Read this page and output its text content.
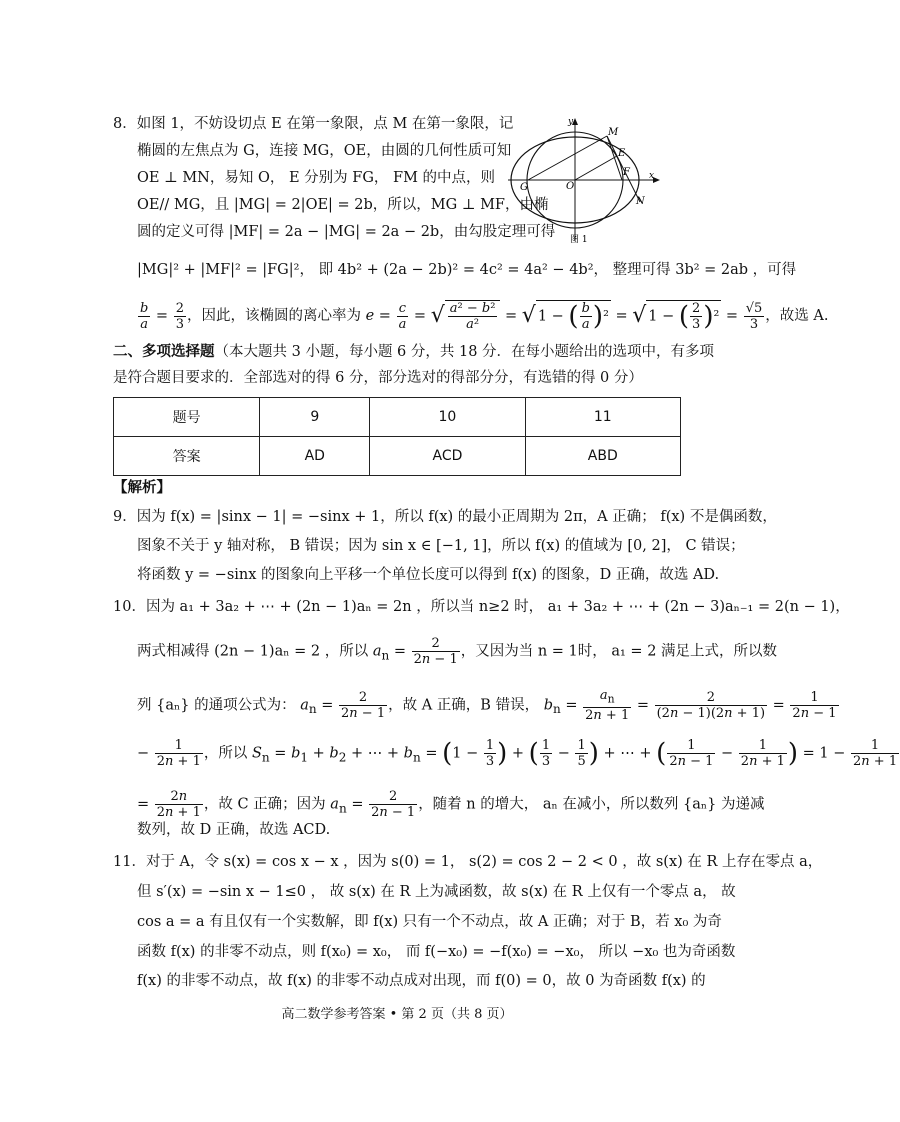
8．如图 1，不妨设切点 E 在第一象限，点 M 在第一象限，记
椭圆的左焦点为 G，连接 MG，OE，由圆的几何性质可知
OE ⊥ MN，易知 O， E 分别为 FG， FM 的中点，则
OE// MG，且 |MG| = 2|OE| = 2b，所以，MG ⊥ MF，由椭
圆的定义可得 |MF| = 2a − |MG| = 2a − 2b，由勾股定理可得
|MG|² + |MF|² = |FG|²， 即 4b² + (2a − 2b)² = 4c² = 4a² − 4b²， 整理可得 3b² = 2ab ，可得
$\frac{b}{a} = \frac{2}{3}$ ，因此，该椭圆的离心率为 $e = \frac{c}{a}$ = √ $\frac{\text{a² − b²}}{\text{a²}}$ = √ 1 − ( $\frac{b}{a} )^2$ = √ 1 − ( $\frac{2}{3} )^2 = \frac{√5}{3}$ ，故选 A.
y
x
M
E
G	O
F
N
图 1
二、多项选择题（本大题共 3 小题，每小题 6 分，共 18 分．在每小题给出的选项中，有多项
是符合题目要求的．全部选对的得 6 分，部分选对的得部分分，有选错的得 0 分）
题号	9	10	11
答案	AD	ACD	ABD
【解析】
9．因为 f(x) = |sinx − 1| = −sinx + 1，所以 f(x) 的最小正周期为 2π，A 正确； f(x) 不是偶函数，
图象不关于 y 轴对称， B 错误；因为 sin x ∈ [−1, 1]，所以 f(x) 的值域为 [0, 2]， C 错误；
将函数 y = −sinx 的图象向上平移一个单位长度可以得到 f(x) 的图象，D 正确，故选 AD.
10．因为 a₁ + 3a₂ + ⋯ + (2n − 1)aₙ = 2n ，所以当 n≥2 时， a₁ + 3a₂ + ⋯ + (2n − 3)aₙ₋₁ = 2(n − 1)，
两式相减得 (2n − 1)aₙ = 2 ，所以 $a_n = \frac{2}{2n - 1}$ ，又因为当 n = 1时， a₁ = 2 满足上式，所以数
列 {aₙ} 的通项公式为： $a_n = \frac{2}{2n - 1}$ ，故 A 正确，B 错误， $b_n = \frac{a_n}{2n + 1} = \frac{2}{(2n - 1)(2n + 1)} = \frac{1}{2n - 1}$
− $\frac{1}{2n + 1}$ ，所以 $S_n = b_1 + b_2$ + ⋯ + $b_n = (1 - \frac{1}{3}$ ) + ( $\frac{1}{3} - \frac{1}{5}$ ) + ⋯ + ( $\frac{1}{2n - 1} - \frac{1}{2n + 1}$ ) = $1 - \frac{1}{2n + 1}$
= $\frac{2n}{2n + 1}$ ，故 C 正确；因为 $a_n = \frac{2}{2n - 1}$ ，随着 n 的增大， aₙ 在减小，所以数列 {aₙ} 为递减
数列，故 D 正确，故选 ACD.
11．对于 A，令 s(x) = cos x − x ，因为 s(0) = 1， s(2) = cos 2 − 2 < 0 ，故 s(x) 在 R 上存在零点 a，
但 s′(x) = −sin x − 1≤0 ， 故 s(x) 在 R 上为减函数，故 s(x) 在 R 上仅有一个零点 a， 故
cos a = a 有且仅有一个实数解，即 f(x) 只有一个不动点，故 A 正确；对于 B，若 x₀ 为奇
函数 f(x) 的非零不动点，则 f(x₀) = x₀， 而 f(−x₀) = −f(x₀) = −x₀， 所以 −x₀ 也为奇函数
f(x) 的非零不动点，故 f(x) 的非零不动点成对出现，而 f(0) = 0，故 0 为奇函数 f(x) 的
高二数学参考答案 • 第 2 页（共 8 页）
